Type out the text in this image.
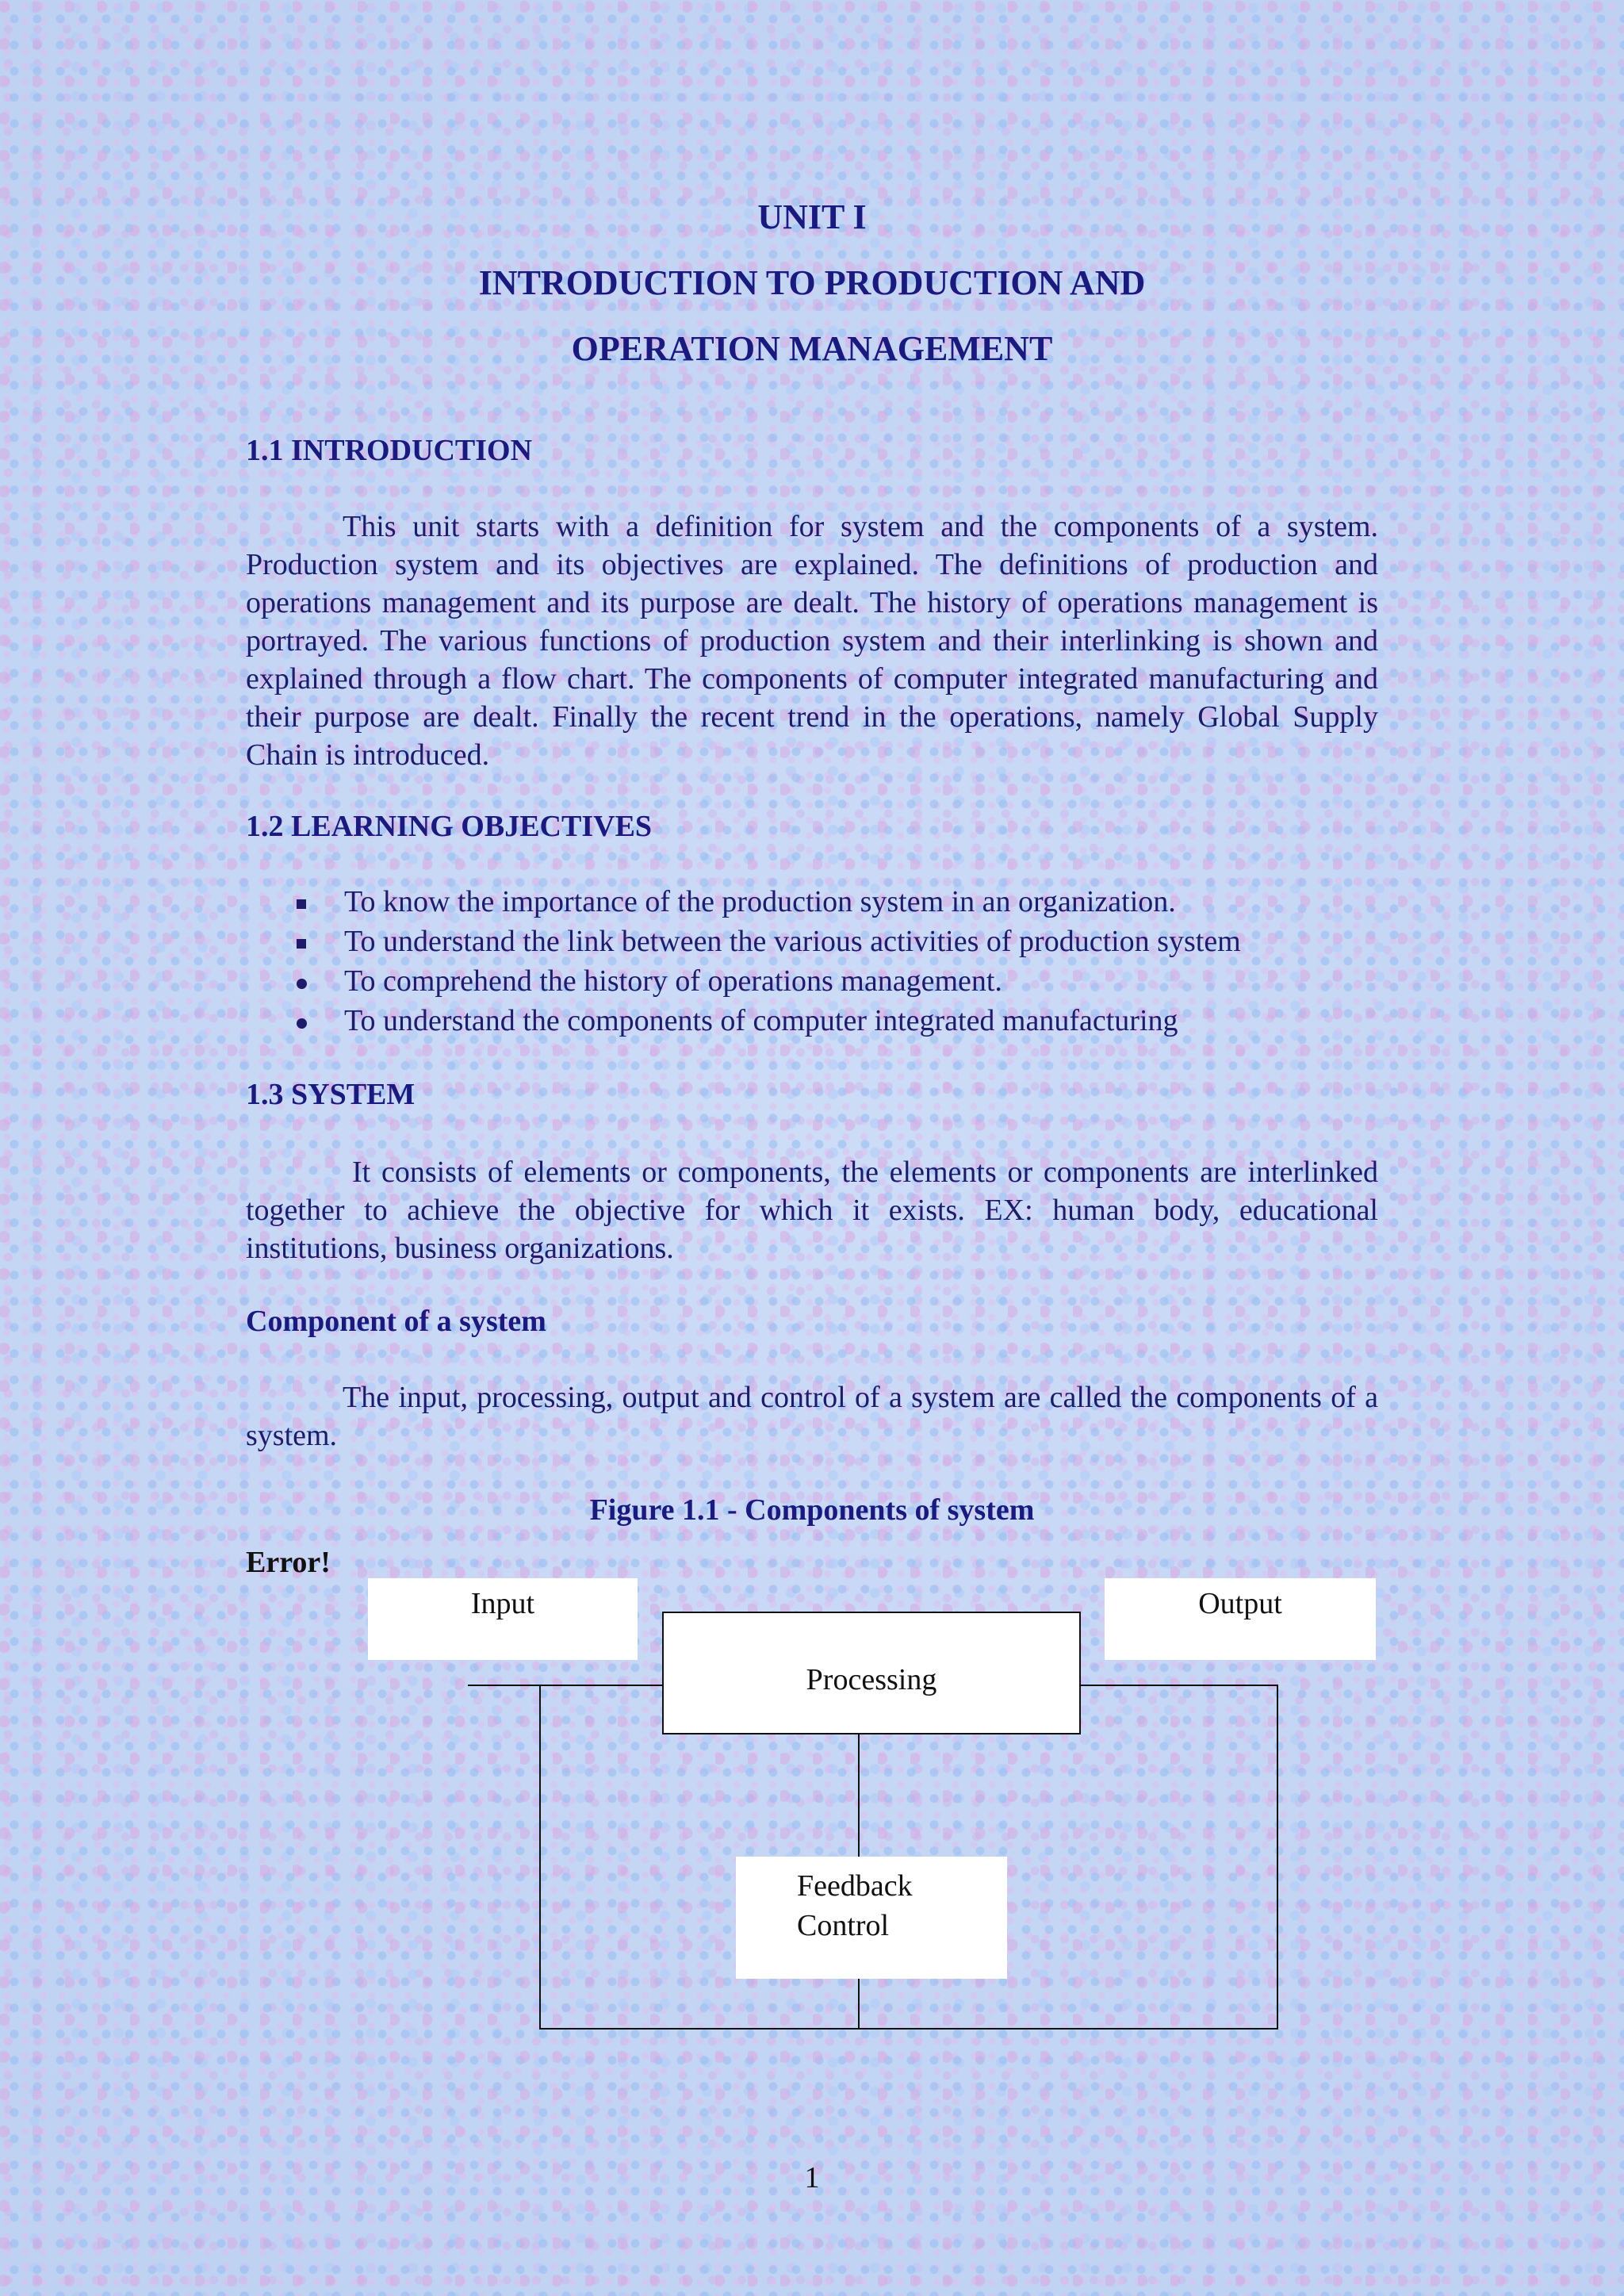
UNIT I
INTRODUCTION TO PRODUCTION AND
OPERATION MANAGEMENT
1.1 INTRODUCTION

This unit starts with a definition for system and the components of a system. Production system and its objectives are explained. The definitions of production and operations management and its purpose are dealt. The history of operations management is portrayed. The various functions of production system and their interlinking is shown and explained through a flow chart. The components of computer integrated manufacturing and their purpose are dealt. Finally the recent trend in the operations, namely Global Supply Chain is introduced.

1.2 LEARNING OBJECTIVES
To know the importance of the production system in an organization.
To understand the link between the various activities of production system
To comprehend the history of operations management.
To understand the components of computer integrated manufacturing
1.3 SYSTEM

It consists of elements or components, the elements or components are interlinked together to achieve the objective for which it exists. EX: human body, educational institutions, business organizations.

Component of a system

The input, processing, output and control of a system are called the components of a system.

Figure 1.1 - Components of system
Error!
Input
Processing
Output
Feedback
Control
1
